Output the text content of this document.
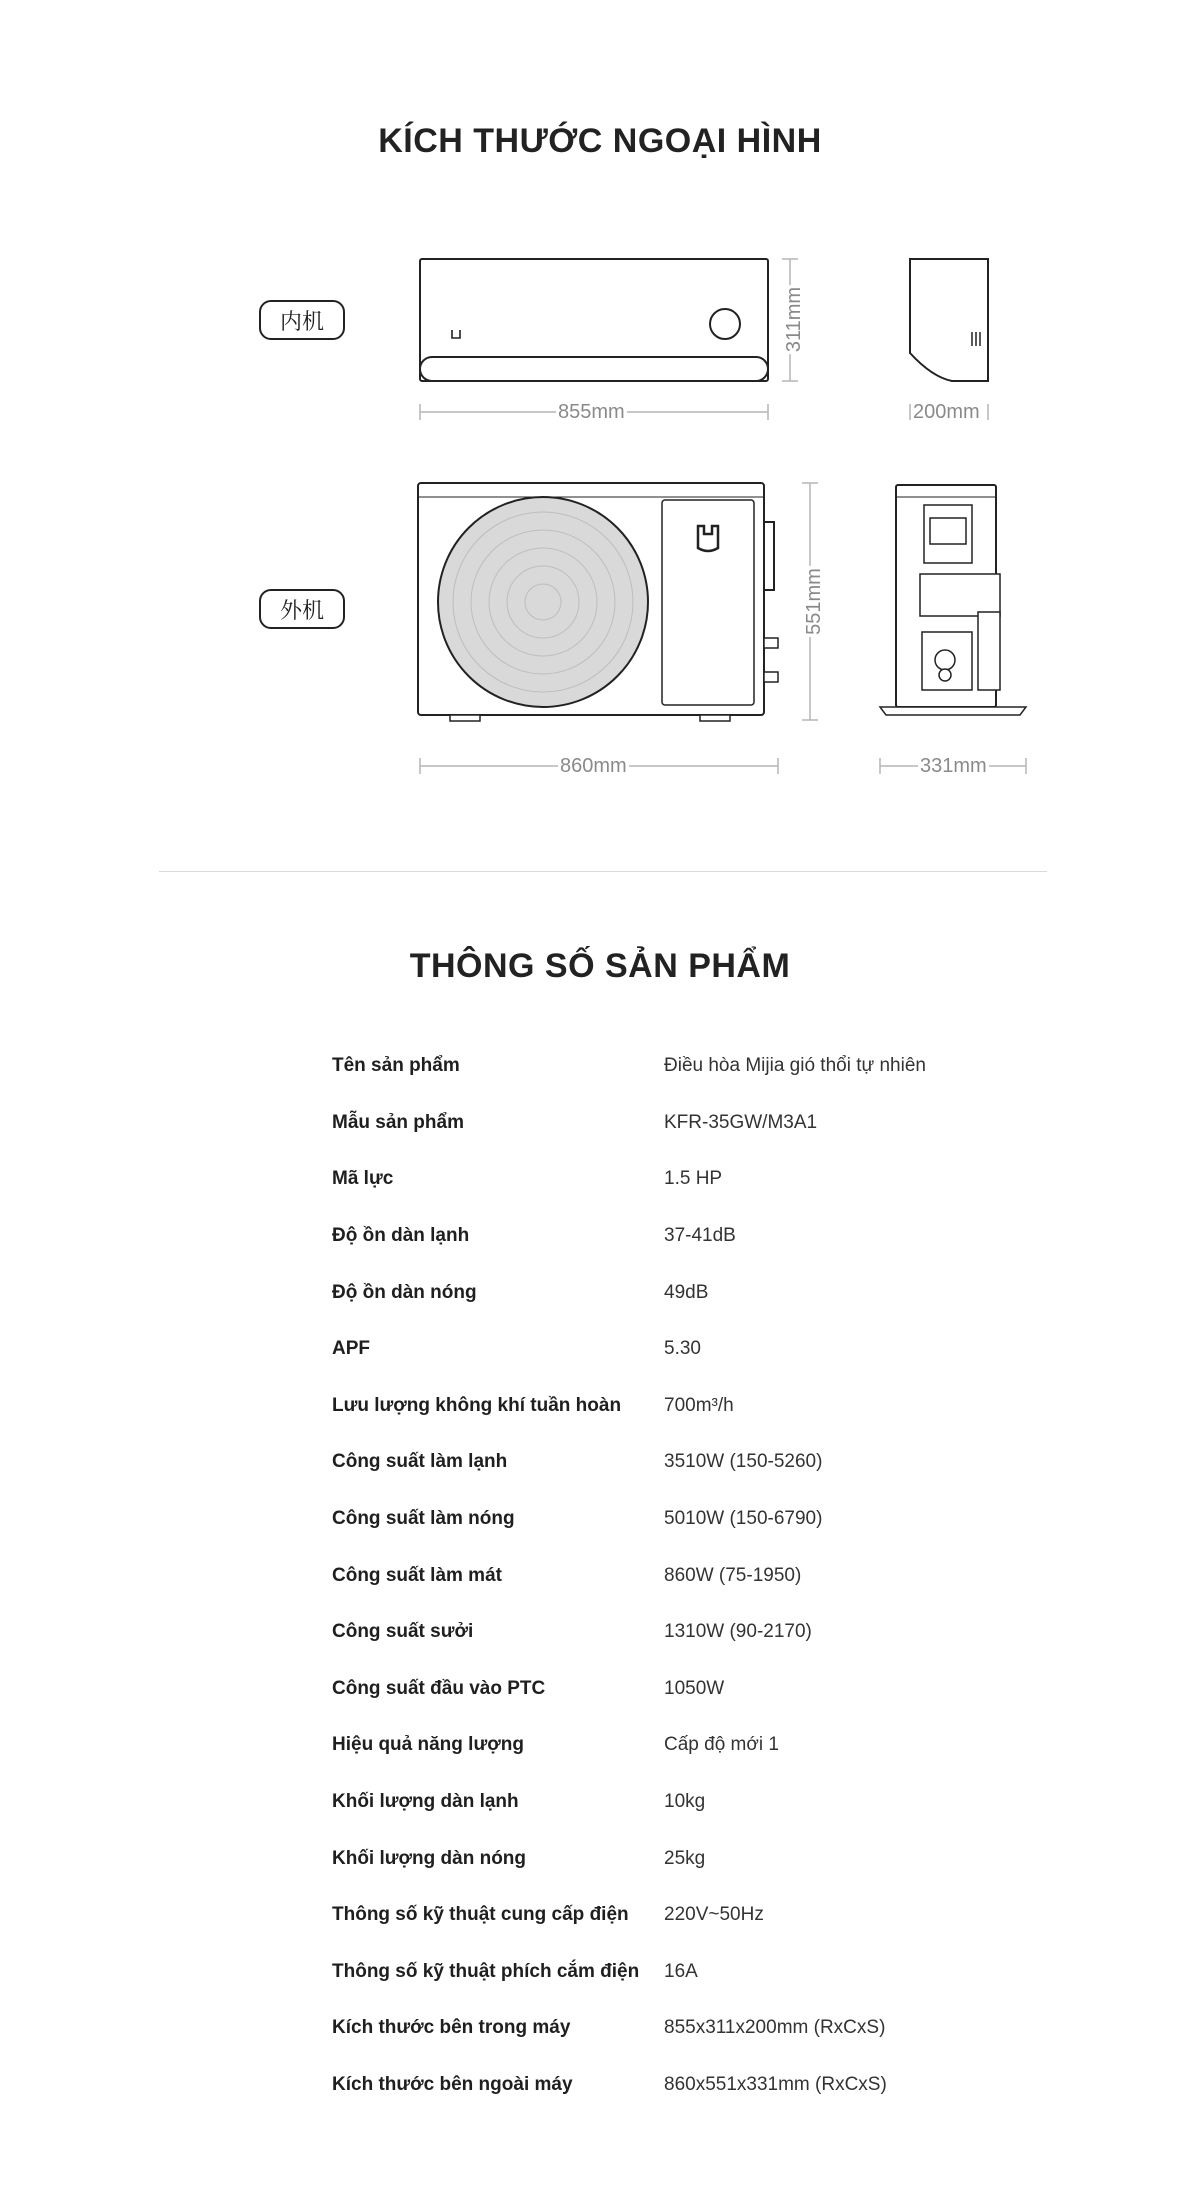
KÍCH THƯỚC NGOẠI HÌNH
内机
外机
855mm
311mm
200mm
860mm
551mm
331mm
THÔNG SỐ SẢN PHẨM
Tên sản phẩm	Điều hòa Mijia gió thổi tự nhiên
Mẫu sản phẩm	KFR-35GW/M3A1
Mã lực	1.5 HP
Độ ồn dàn lạnh	37-41dB
Độ ồn dàn nóng	49dB
APF	5.30
Lưu lượng không khí tuần hoàn	700m³/h
Công suất làm lạnh	3510W (150-5260)
Công suất làm nóng	5010W (150-6790)
Công suất làm mát	860W (75-1950)
Công suất sưởi	1310W (90-2170)
Công suất đầu vào PTC	1050W
Hiệu quả năng lượng	Cấp độ mới 1
Khối lượng dàn lạnh	10kg
Khối lượng dàn nóng	25kg
Thông số kỹ thuật cung cấp điện	220V~50Hz
Thông số kỹ thuật phích cắm điện	16A
Kích thước bên trong máy	855x311x200mm (RxCxS)
Kích thước bên ngoài máy	860x551x331mm (RxCxS)
